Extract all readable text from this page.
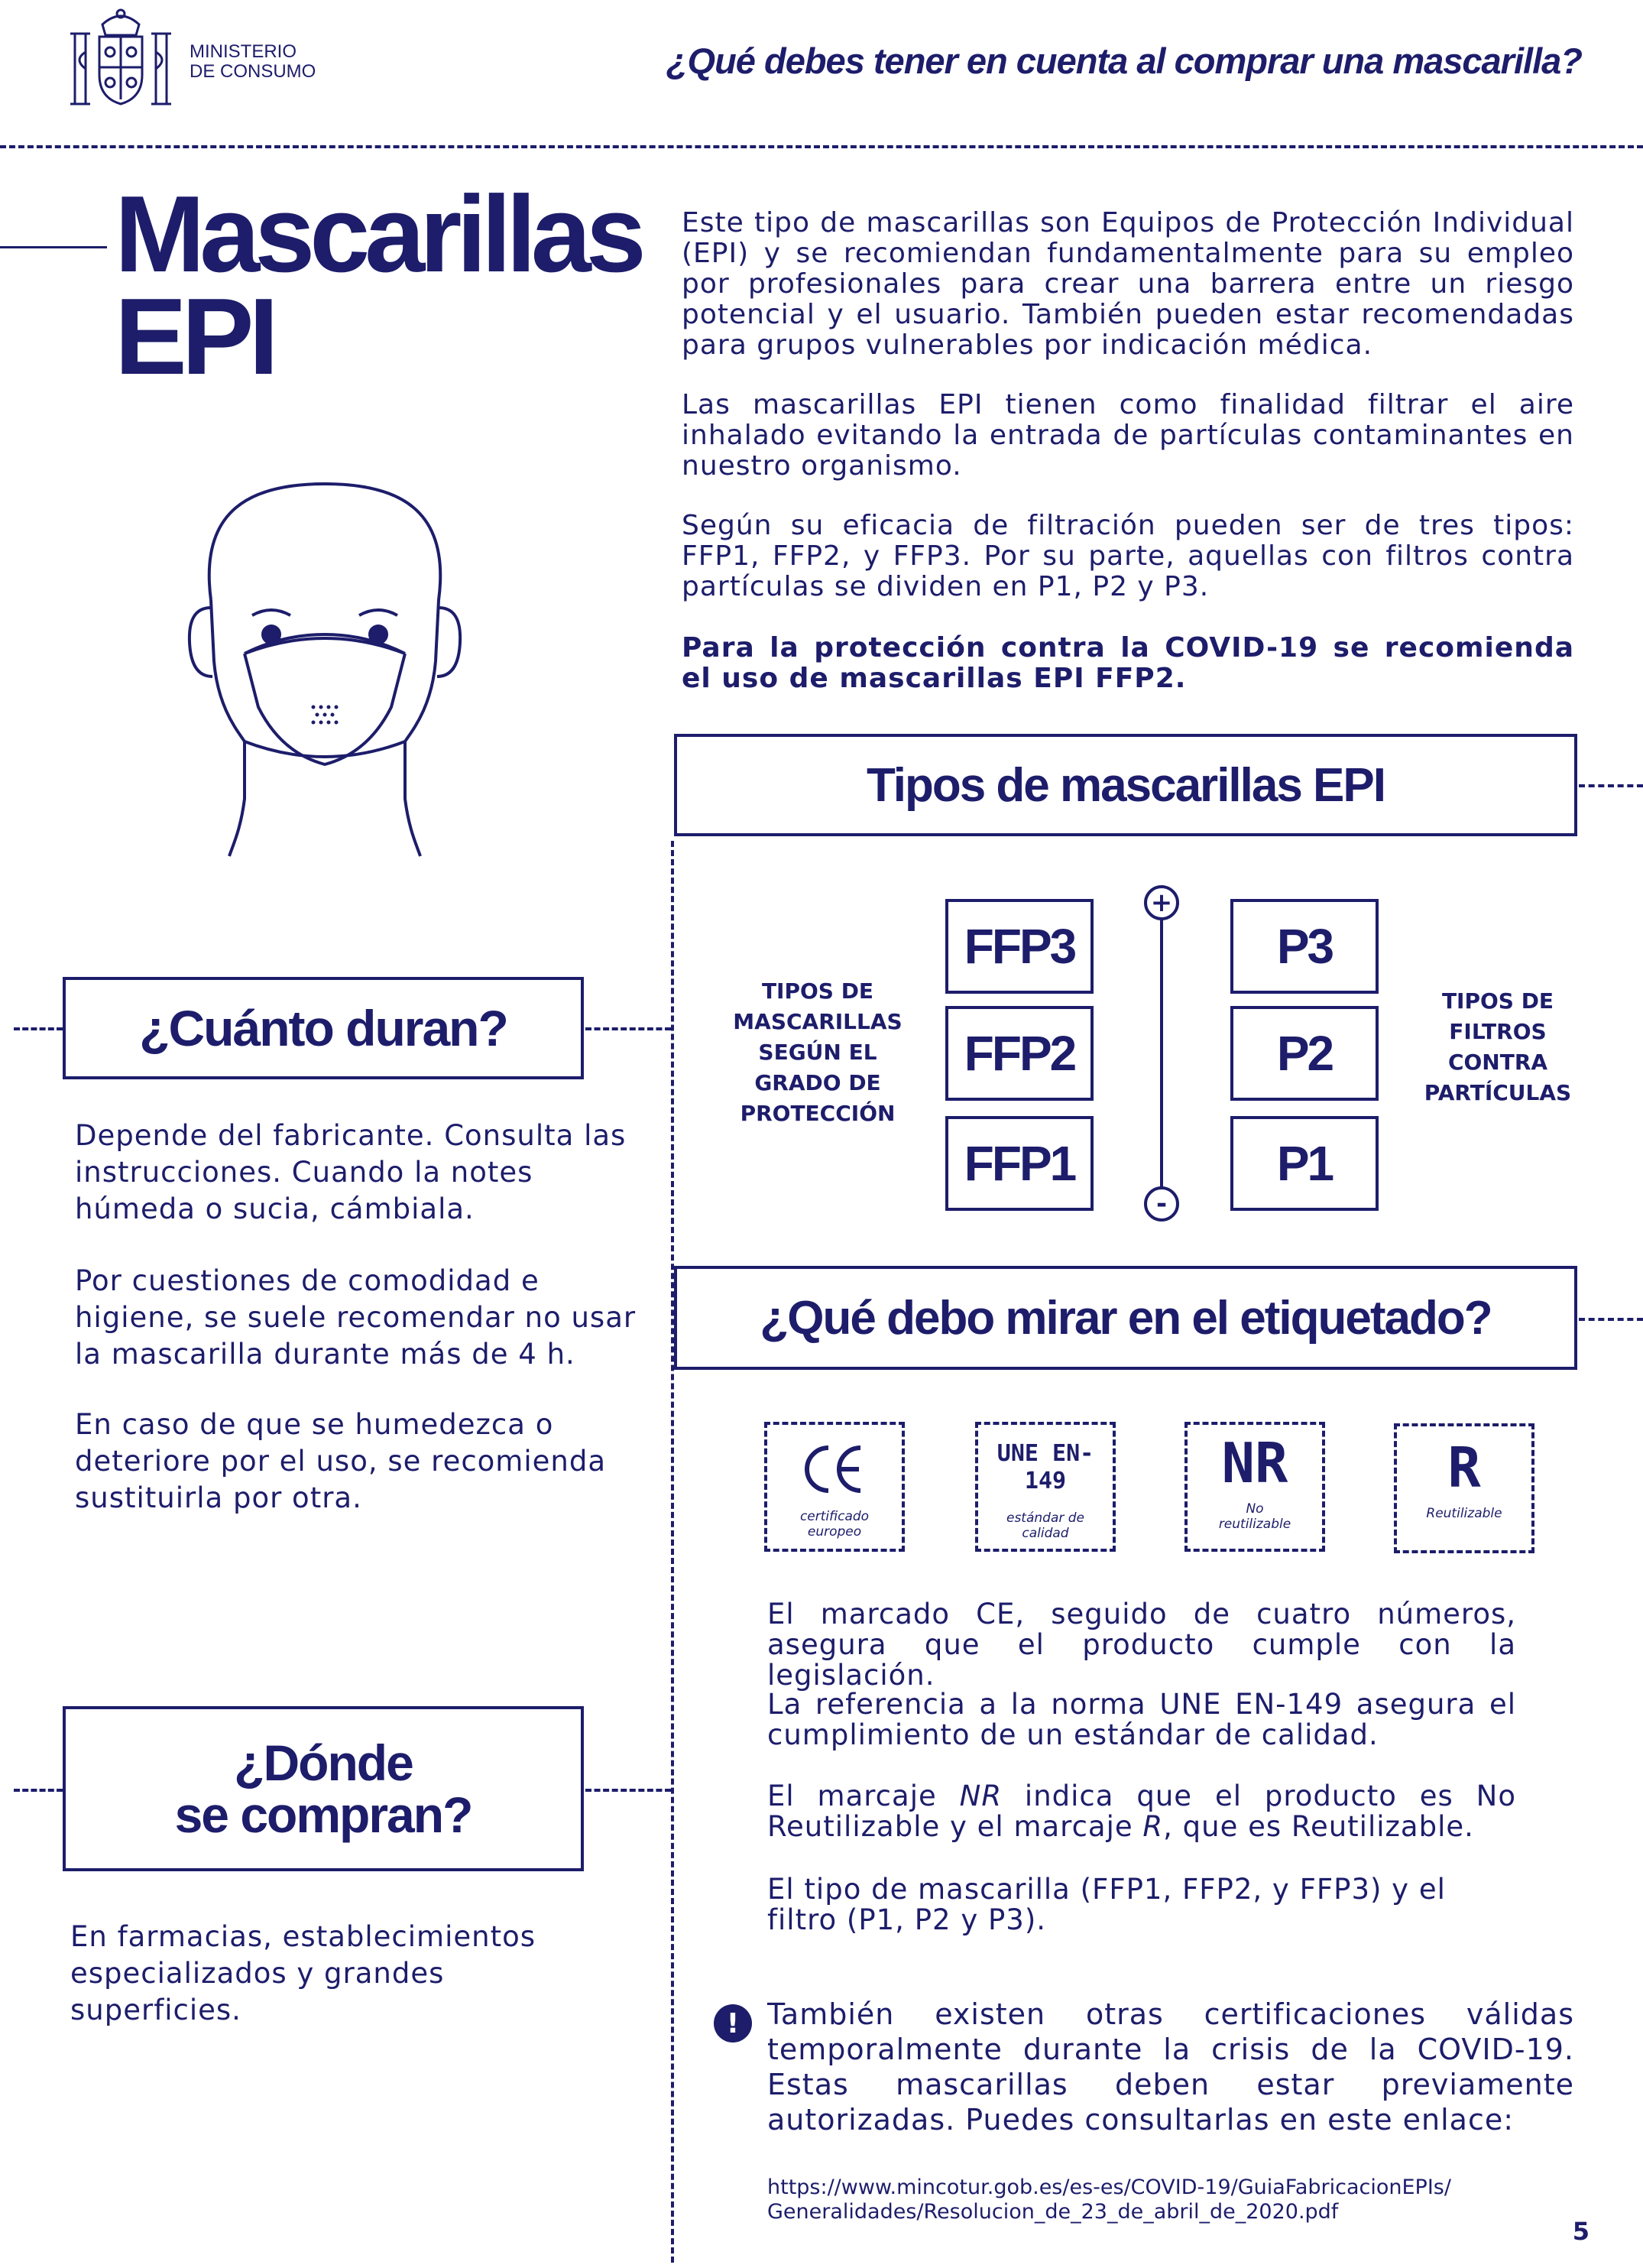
MINISTERIO
DE CONSUMO	¿Qué debes tener en cuenta al comprar una mascarilla?
Mascarillas
EPI

Este tipo de mascarillas son Equipos de Protección Individual (EPI) y se recomiendan fundamentalmente para su empleo por profesionales para crear una barrera entre un riesgo potencial y el usuario. También pueden estar recomendadas para grupos vulnerables por indicación médica.

Las mascarillas EPI tienen como finalidad filtrar el aire inhalado evitando la entrada de partículas contaminantes en nuestro organismo.

Según su eficacia de filtración pueden ser de tres tipos: FFP1, FFP2, y FFP3. Por su parte, aquellas con filtros contra partículas se dividen en P1, P2 y P3.

Para la protección contra la COVID-19 se recomienda el uso de mascarillas EPI FFP2.

Tipos de mascarillas EPI
TIPOS DE MASCARILLAS SEGÚN EL GRADO DE PROTECCIÓN
TIPOS DE FILTROS CONTRA PARTÍCULAS
FFP3
FFP2
FFP1
P3
P2
P1
+
-
¿Cuánto duran?

Depende del fabricante. Consulta las instrucciones. Cuando la notes húmeda o sucia, cámbiala.

Por cuestiones de comodidad e higiene, se suele recomendar no usar la mascarilla durante más de 4 h.

En caso de que se humedezca o deteriore por el uso, se recomienda sustituirla por otra.

¿Qué debo mirar en el etiquetado?
certificado europeo
UNE EN-149
estándar de calidad
NR
No reutilizable
R
Reutilizable

El marcado CE, seguido de cuatro números, asegura que el producto cumple con la legislación.

La referencia a la norma UNE EN-149 asegura el cumplimiento de un estándar de calidad.

El marcaje NR indica que el producto es No Reutilizable y el marcaje R, que es Reutilizable.

El tipo de mascarilla (FFP1, FFP2, y FFP3) y el filtro (P1, P2 y P3).

! También existen otras certificaciones válidas temporalmente durante la crisis de la COVID-19. Estas mascarillas deben estar previamente autorizadas. Puedes consultarlas en este enlace:

https://www.mincotur.gob.es/es-es/COVID-19/GuiaFabricacionEPIs/
Generalidades/Resolucion_de_23_de_abril_de_2020.pdf
¿Dónde
se compran?

En farmacias, establecimientos especializados y grandes superficies.

5
